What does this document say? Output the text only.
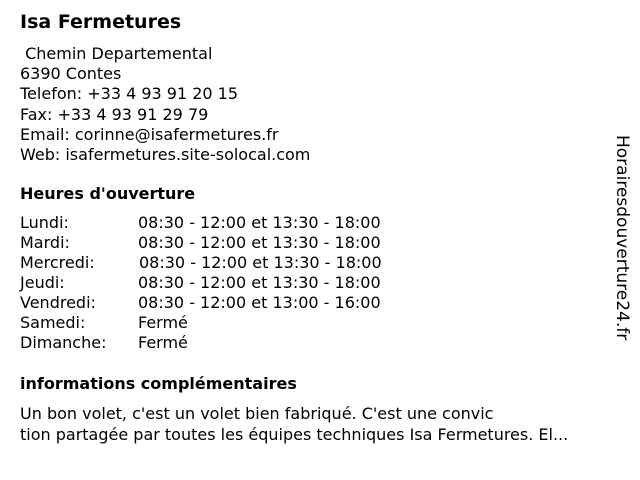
Isa Fermetures
Chemin Departemental
6390 Contes
Telefon: +33 4 93 91 20 15
Fax: +33 4 93 91 29 79
Email: corinne@isafermetures.fr
Web: isafermetures.site-solocal.com
Heures d'ouverture
Lundi:	08:30 - 12:00 et 13:30 - 18:00
Mardi:	08:30 - 12:00 et 13:30 - 18:00
Mercredi:	08:30 - 12:00 et 13:30 - 18:00
Jeudi:	08:30 - 12:00 et 13:30 - 18:00
Vendredi:	08:30 - 12:00 et 13:00 - 16:00
Samedi:	Fermé
Dimanche: Fermé
informations complémentaires
Un bon volet, c'est un volet bien fabriqué. C'est une convic
tion partagée par toutes les équipes techniques Isa Fermetures. El...
Horairesdouverture24.fr
